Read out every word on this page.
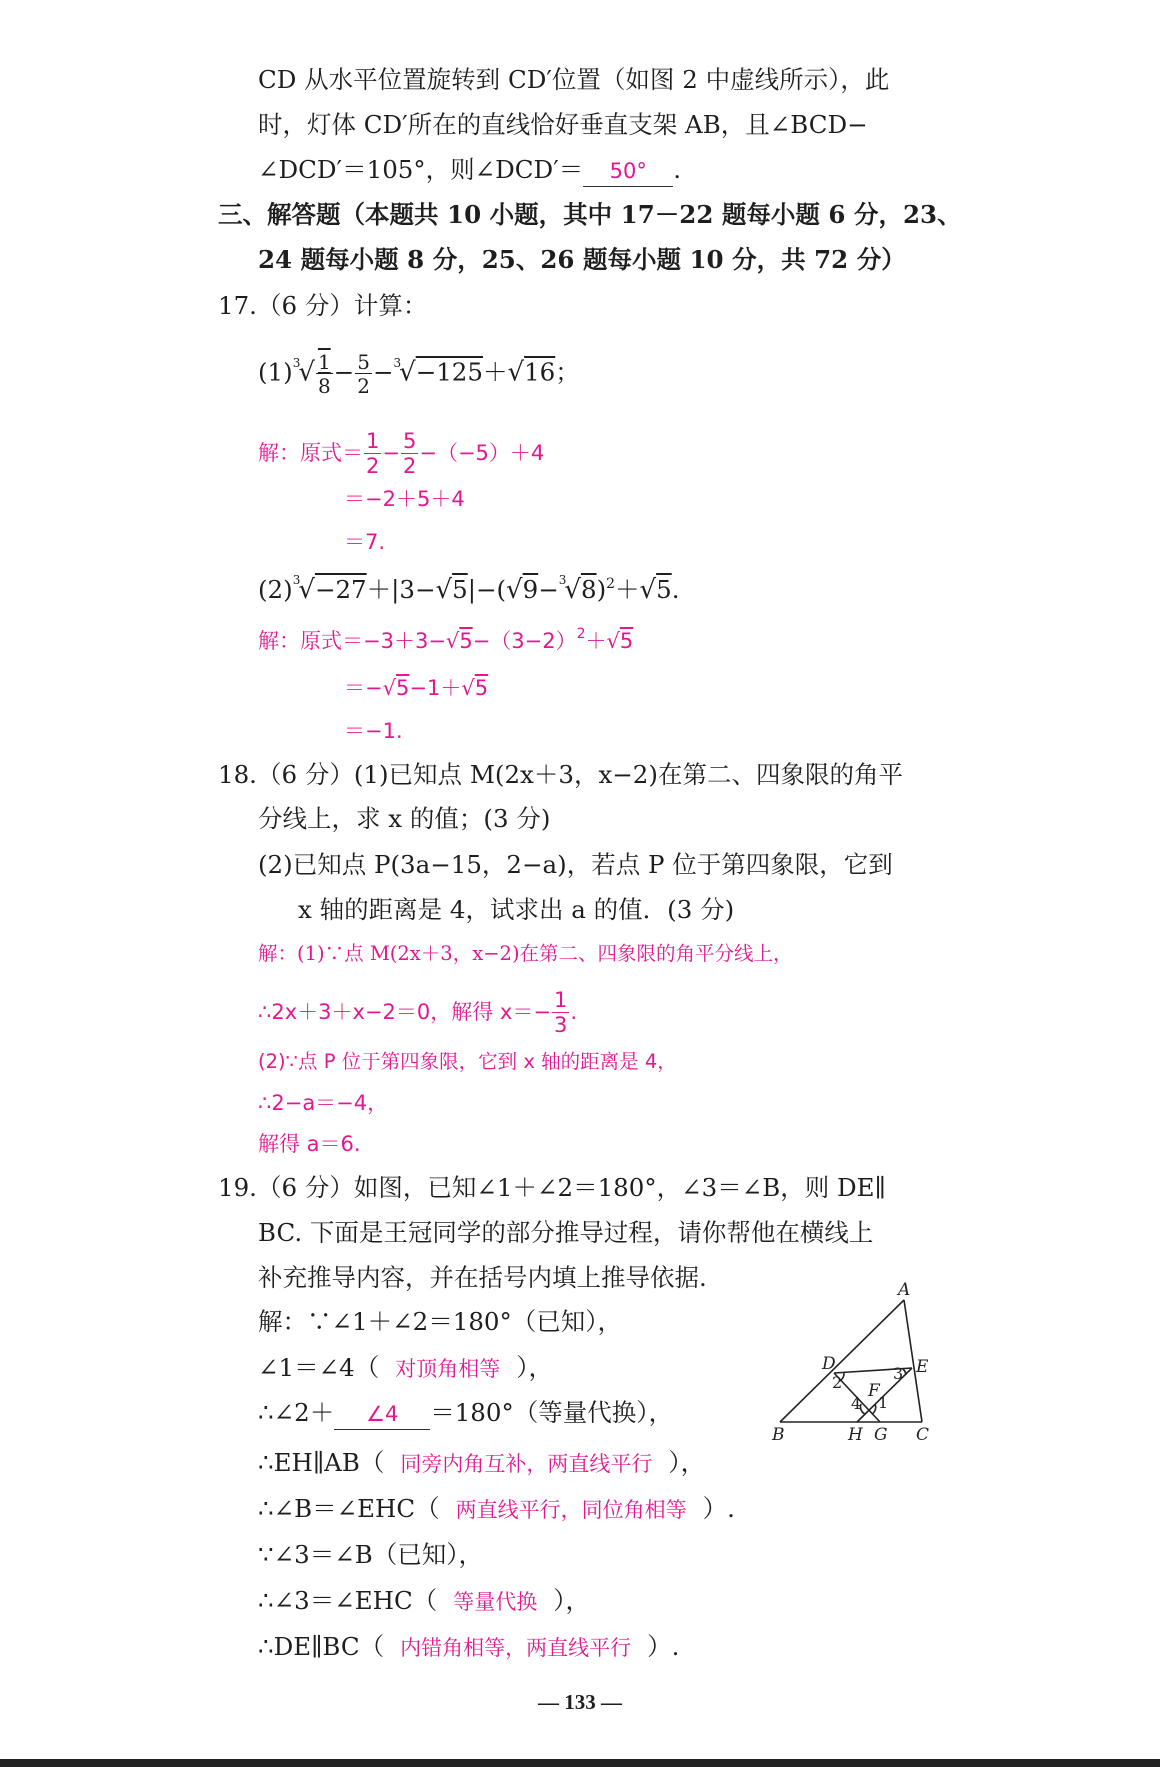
CD 从水平位置旋转到 CD′位置（如图 2 中虚线所示），此
时，灯体 CD′所在的直线恰好垂直支架 AB，且∠BCD−
∠DCD′＝105°，则∠DCD′＝ 50° .
三、解答题（本题共 10 小题，其中 17－22 题每小题 6 分，23、
24 题每小题 8 分，25、26 题每小题 10 分，共 72 分）
17.（6 分）计算：
$(1)^3√ \frac{1}{8} - \frac{5}{2} -^3√-125+√16$；
解：原式＝ $\frac{1}{2} - \frac{5}{2} -(-5)+4$
＝−2＋5＋4
＝7.
$(2)^3√-27+|3-√5|-(√9-^3√8)^2+√5$.
解：原式$=-3+3-√5-(3-2)^2+√5$
＝−√5−1＋√5
＝−1.
18.（6 分）(1)已知点 M(2x＋3，x−2)在第二、四象限的角平
分线上，求 x 的值；(3 分)
(2)已知点 P(3a−15，2−a)，若点 P 位于第四象限，它到
x 轴的距离是 4，试求出 a 的值．(3 分)
解：(1)∵点 M(2x＋3，x−2)在第二、四象限的角平分线上，
∴2x＋3＋x−2＝0，解得 $x=- \frac{1}{3}$ .
(2)∵点 P 位于第四象限，它到 x 轴的距离是 4，
∴2−a＝−4，
解得 a＝6.
19.（6 分）如图，已知∠1＋∠2＝180°，∠3＝∠B，则 DE∥
BC. 下面是王冠同学的部分推导过程，请你帮他在横线上
补充推导内容，并在括号内填上推导依据.
解：∵∠1＋∠2＝180°（已知），
∠1＝∠4（ 对顶角相等 ），
∴∠2＋ ∠4 ＝180°（等量代换），
∴EH∥AB（ 同旁内角互补，两直线平行 ），
∴∠B＝∠EHC（ 两直线平行，同位角相等 ）.
∵∠3＝∠B（已知），
∴∠3＝∠EHC（ 等量代换 ），
∴DE∥BC（ 内错角相等，两直线平行 ）.
A
B	C
D	E
F
G
H
1
2	3
4
— 133 —
